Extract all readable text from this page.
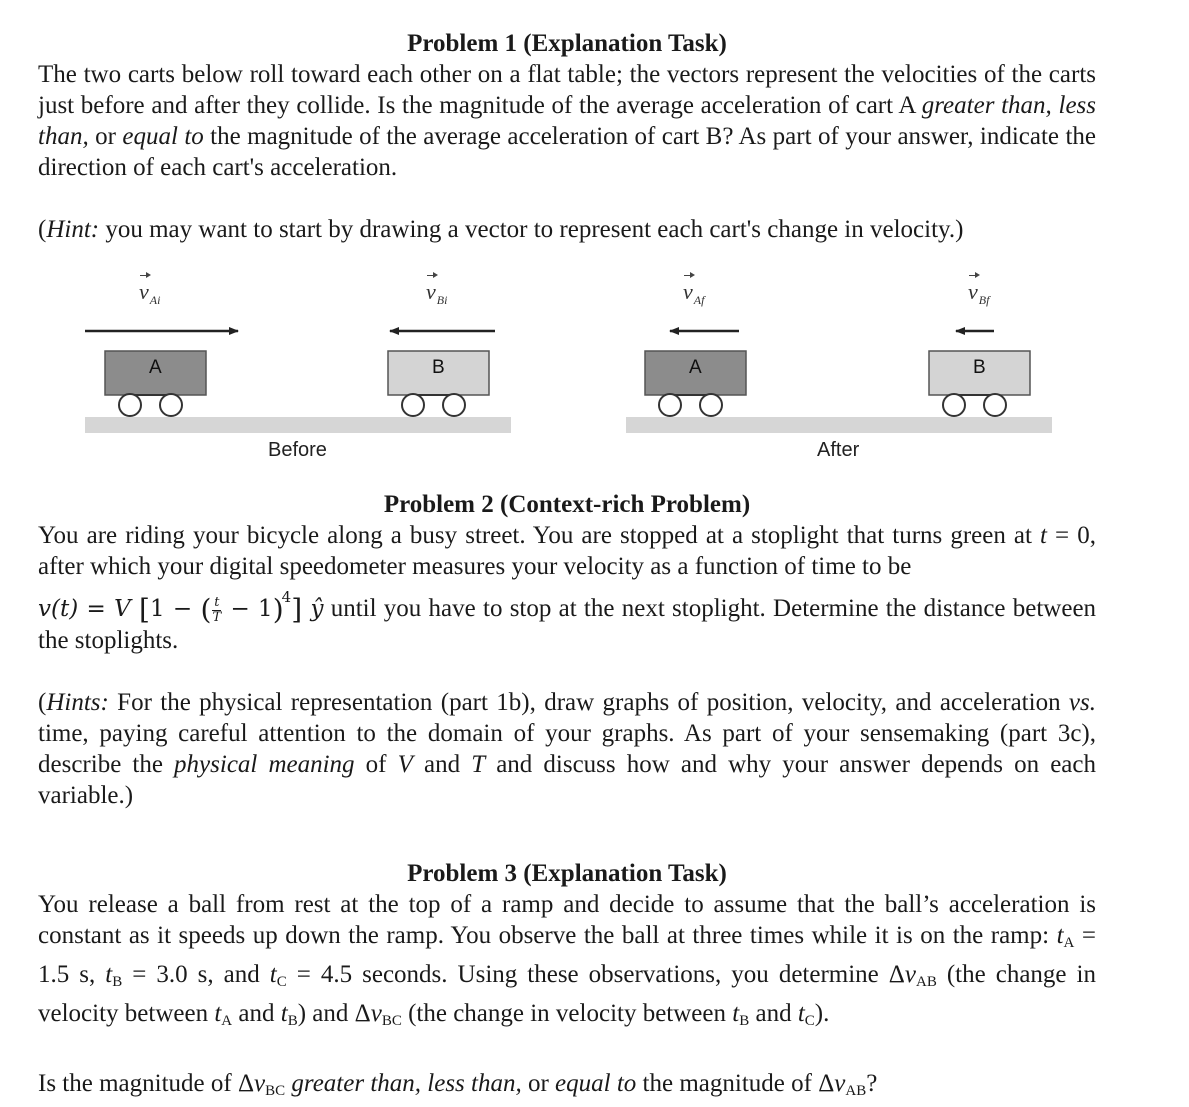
Problem 1 (Explanation Task)

The two carts below roll toward each other on a flat table; the vectors represent the velocities of the carts just before and after they collide. Is the magnitude of the average acceleration of cart A greater than, less than, or equal to the magnitude of the average acceleration of cart B? As part of your answer, indicate the direction of each cart's acceleration.

(Hint: you may want to start by drawing a vector to represent each cart's change in velocity.)

$v_{Ai}$	$v_{Bi}$	$v_{Af}$	$v_{Bf}$
A	B	A	B
Before	After
Problem 2 (Context-rich Problem)

You are riding your bicycle along a busy street. You are stopped at a stoplight that turns green at t = 0, after which your digital speedometer measures your velocity as a function of time to be
v(t) = V [1 − ( $\frac{t}{T} - 1)^4$] ŷ until you have to stop at the next stoplight. Determine the distance between the stoplights.

(Hints: For the physical representation (part 1b), draw graphs of position, velocity, and acceleration vs. time, paying careful attention to the domain of your graphs. As part of your sensemaking (part 3c), describe the physical meaning of V and T and discuss how and why your answer depends on each variable.)

Problem 3 (Explanation Task)

You release a ball from rest at the top of a ramp and decide to assume that the ball’s acceleration is constant as it speeds up down the ramp. You observe the ball at three times while it is on the ramp: $t_A = 1.5$ s, $t_B = 3.0$ s, and $t_C = 4.5$ seconds. Using these observations, you determine $\Delta v_{AB}$ (the change in velocity between $t_A$ and $t_B$) and $\Delta v_{BC}$ (the change in velocity between $t_B$ and $t_C$).

Is the magnitude of $\Delta v_{BC}$ greater than, less than, or equal to the magnitude of $\Delta v_{AB}$?
